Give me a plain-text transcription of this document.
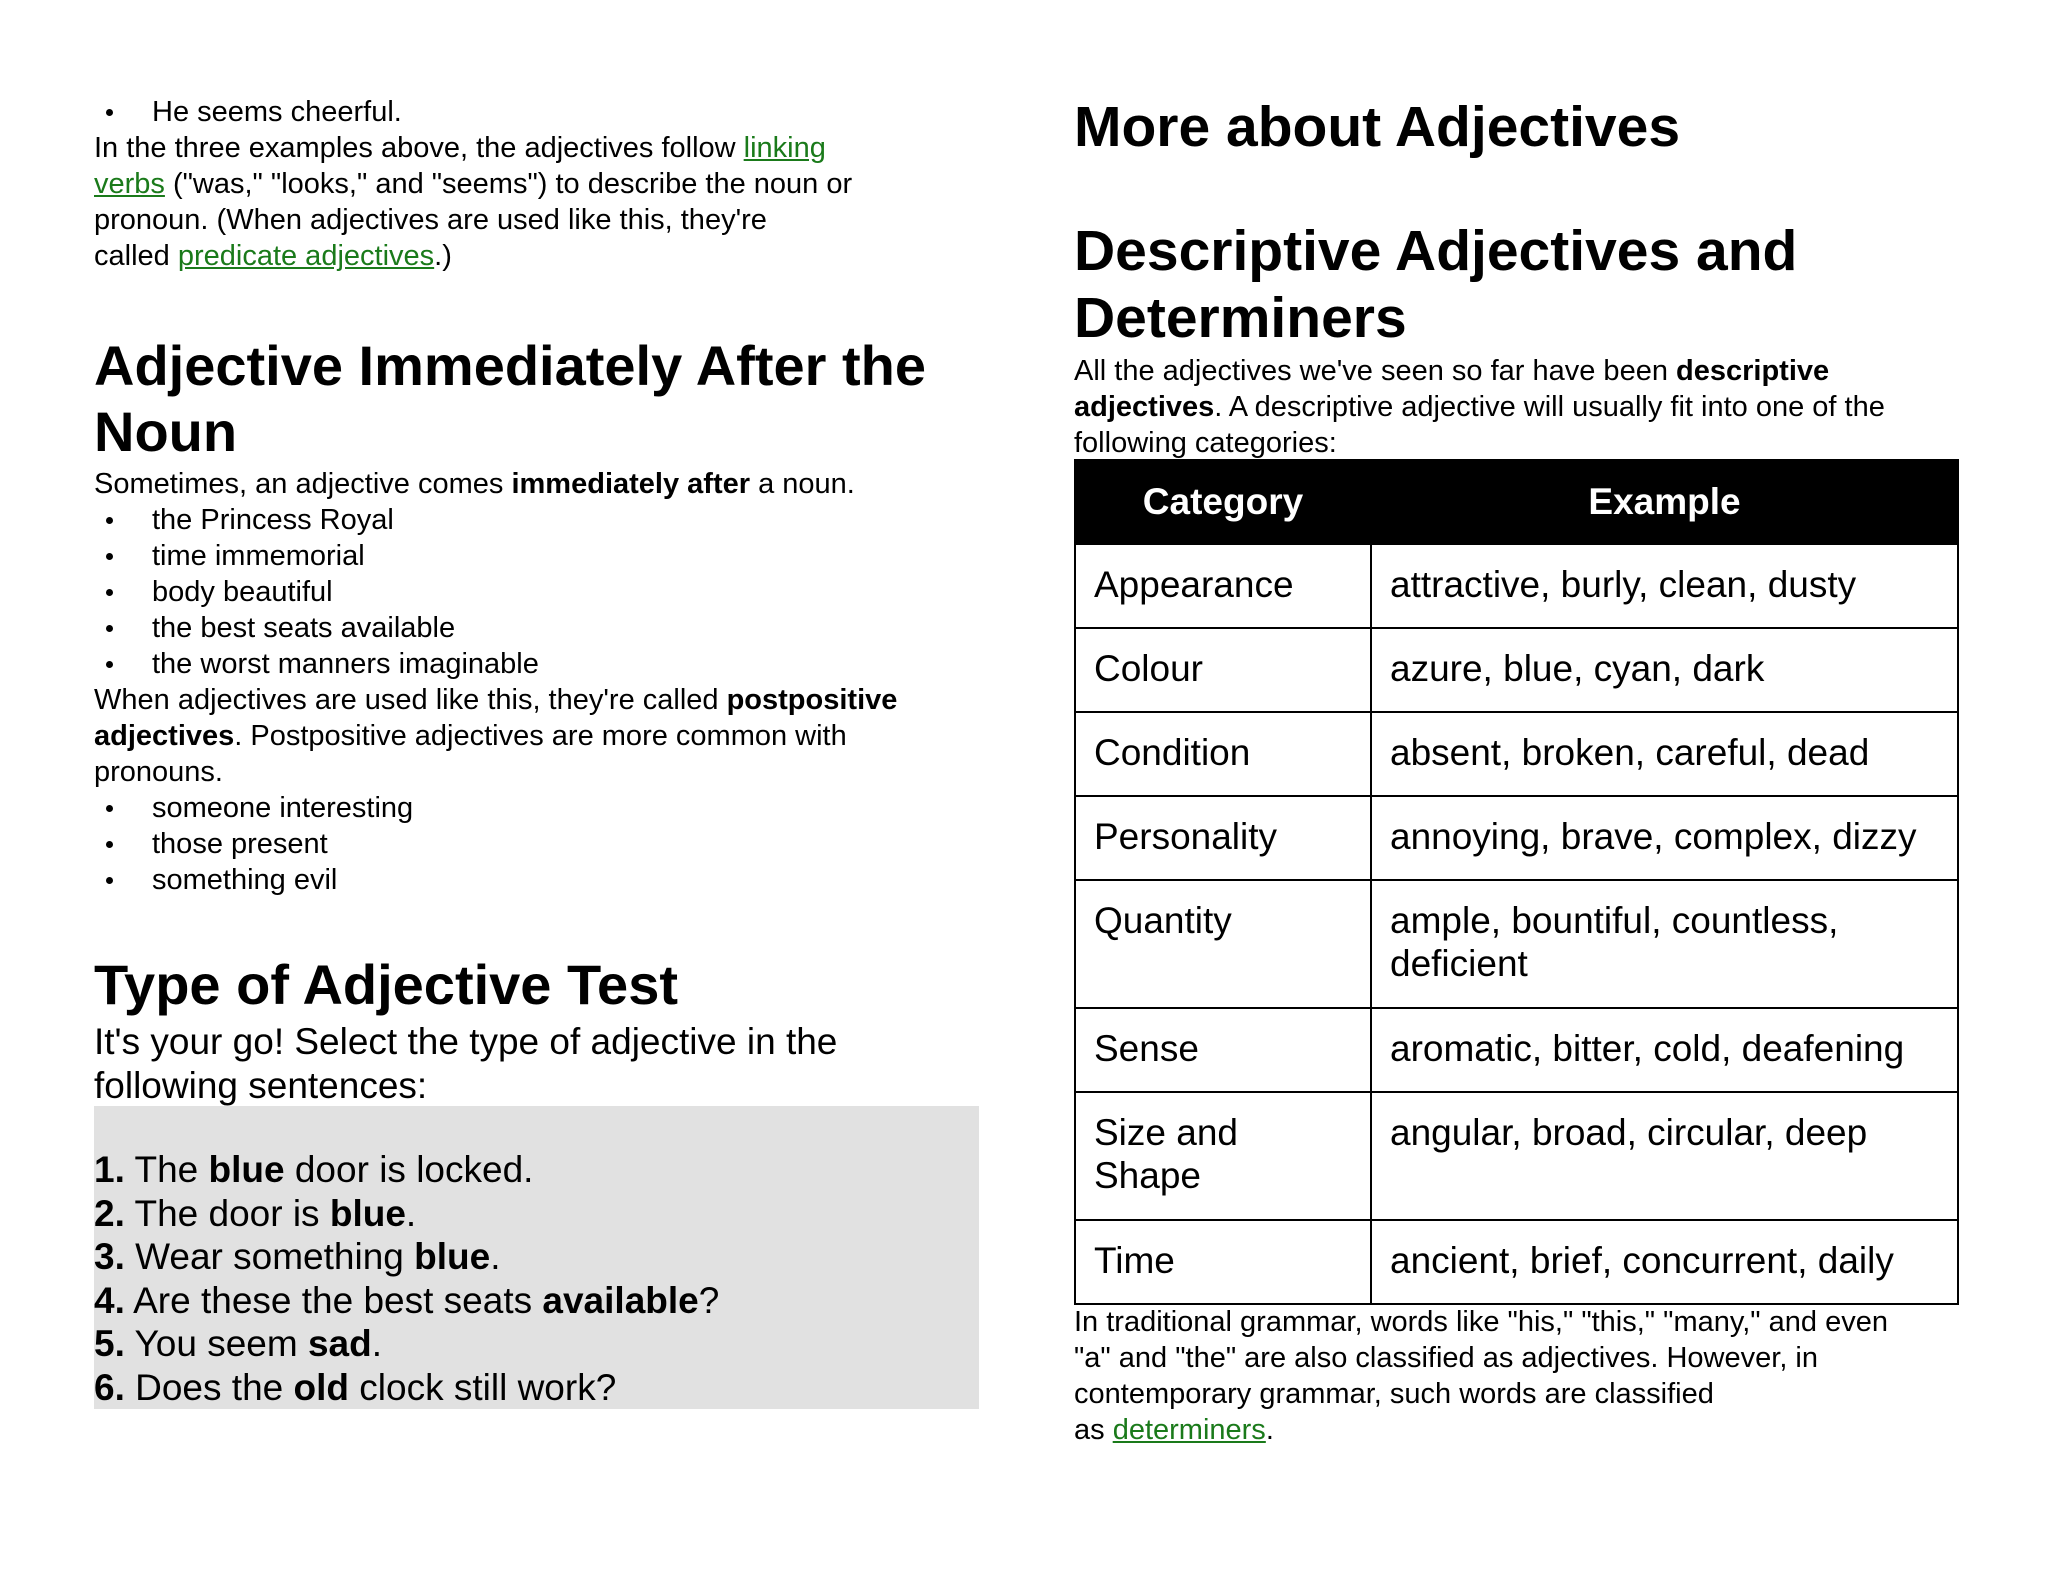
He seems cheerful.
In the three examples above, the adjectives follow linking
verbs ("was," "looks," and "seems") to describe the noun or
pronoun. (When adjectives are used like this, they're
called predicate adjectives.)
Adjective Immediately After the
Noun
Sometimes, an adjective comes immediately after a noun.
the Princess Royal
time immemorial
body beautiful
the best seats available
the worst manners imaginable
When adjectives are used like this, they're called postpositive
adjectives. Postpositive adjectives are more common with
pronouns.
someone interesting
those present
something evil
Type of Adjective Test
It's your go! Select the type of adjective in the
following sentences:
1. The blue door is locked.
2. The door is blue.
3. Wear something blue.
4. Are these the best seats available?
5. You seem sad.
6. Does the old clock still work?
More about Adjectives
Descriptive Adjectives and
Determiners
All the adjectives we've seen so far have been descriptive
adjectives. A descriptive adjective will usually fit into one of the
following categories:
Category	Example
Appearance	attractive, burly, clean, dusty
Colour	azure, blue, cyan, dark
Condition	absent, broken, careful, dead
Personality	annoying, brave, complex, dizzy
Quantity	ample, bountiful, countless, deficient
Sense	aromatic, bitter, cold, deafening
Size and Shape	angular, broad, circular, deep
Time	ancient, brief, concurrent, daily
In traditional grammar, words like "his," "this," "many," and even
"a" and "the" are also classified as adjectives. However, in
contemporary grammar, such words are classified
as determiners.
